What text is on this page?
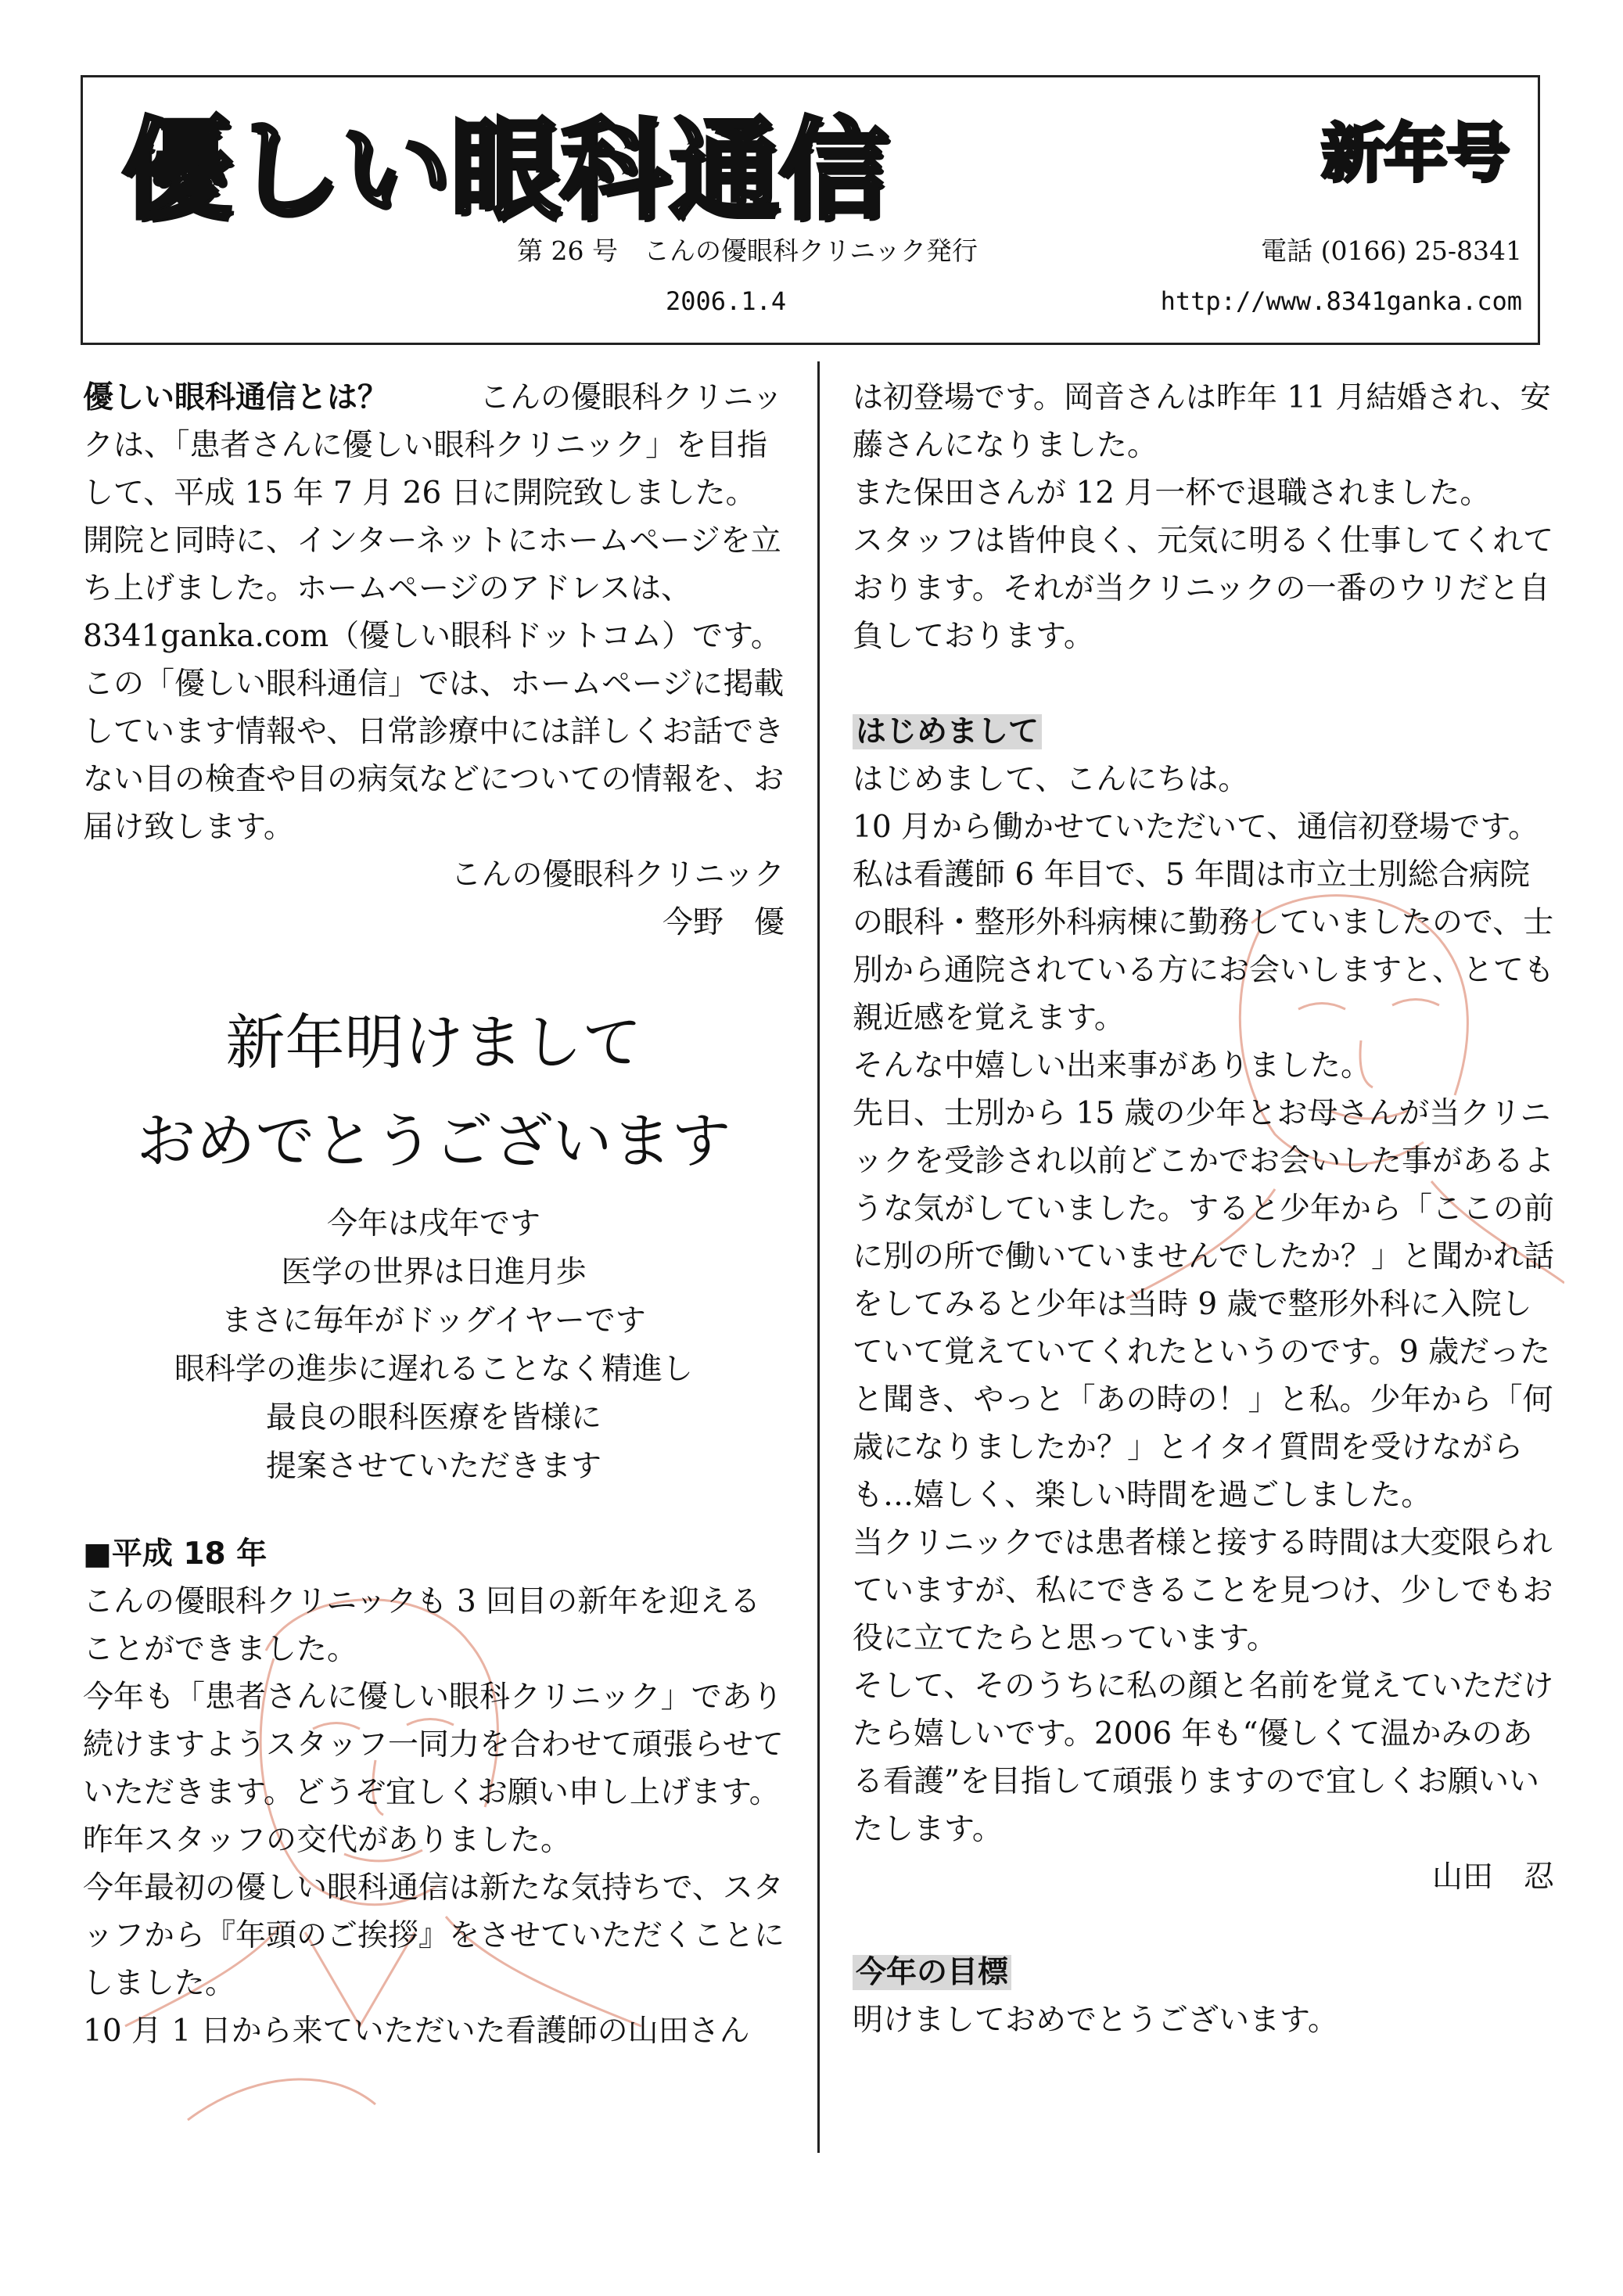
優しい眼科通信	新年号
第 26 号　こんの優眼科クリニック発行	電話 (0166) 25-8341
2006.1.4	http://www.8341ganka.com

優しい眼科通信とは？　　　	こんの優眼科クリニックは、「患者さんに優しい眼科クリニック」を目指して、平成 15 年 7 月 26 日に開院致しました。開院と同時に、インターネットにホームページを立ち上げました。ホームページのアドレスは、8341ganka.com（優しい眼科ドットコム）です。この「優しい眼科通信」では、ホームページに掲載しています情報や、日常診療中には詳しくお話できない目の検査や目の病気などについての情報を、お届け致します。

こんの優眼科クリニック

今野　優

新年明けまして
おめでとうございます

今年は戌年です
医学の世界は日進月歩
まさに毎年がドッグイヤーです
眼科学の進歩に遅れることなく精進し
最良の眼科医療を皆様に
提案させていただきます

■平成 18 年

こんの優眼科クリニックも 3 回目の新年を迎えることができました。

今年も「患者さんに優しい眼科クリニック」であり続けますようスタッフ一同力を合わせて頑張らせていただきます。どうぞ宜しくお願い申し上げます。

昨年スタッフの交代がありました。

今年最初の優しい眼科通信は新たな気持ちで、スタッフから『年頭のご挨拶』をさせていただくことにしました。

10 月 1 日から来ていただいた看護師の山田さん

は初登場です。岡音さんは昨年 11 月結婚され、安藤さんになりました。

また保田さんが 12 月一杯で退職されました。

スタッフは皆仲良く、元気に明るく仕事してくれております。それが当クリニックの一番のウリだと自負しております。

はじめまして

はじめまして、こんにちは。

10 月から働かせていただいて、通信初登場です。

私は看護師 6 年目で、5 年間は市立士別総合病院の眼科・整形外科病棟に勤務していましたので、士別から通院されている方にお会いしますと、とても親近感を覚えます。

そんな中嬉しい出来事がありました。

先日、士別から 15 歳の少年とお母さんが当クリニックを受診され以前どこかでお会いした事があるような気がしていました。すると少年から「ここの前に別の所で働いていませんでしたか？」と聞かれ話をしてみると少年は当時 9 歳で整形外科に入院していて覚えていてくれたというのです。9 歳だったと聞き、やっと「あの時の！」と私。少年から「何歳になりましたか？」とイタイ質問を受けながらも…嬉しく、楽しい時間を過ごしました。

当クリニックでは患者様と接する時間は大変限られていますが、私にできることを見つけ、少しでもお役に立てたらと思っています。

そして、そのうちに私の顔と名前を覚えていただけたら嬉しいです。2006 年も“優しくて温かみのある看護”を目指して頑張りますので宜しくお願いいたします。

山田　忍

今年の目標

明けましておめでとうございます。
